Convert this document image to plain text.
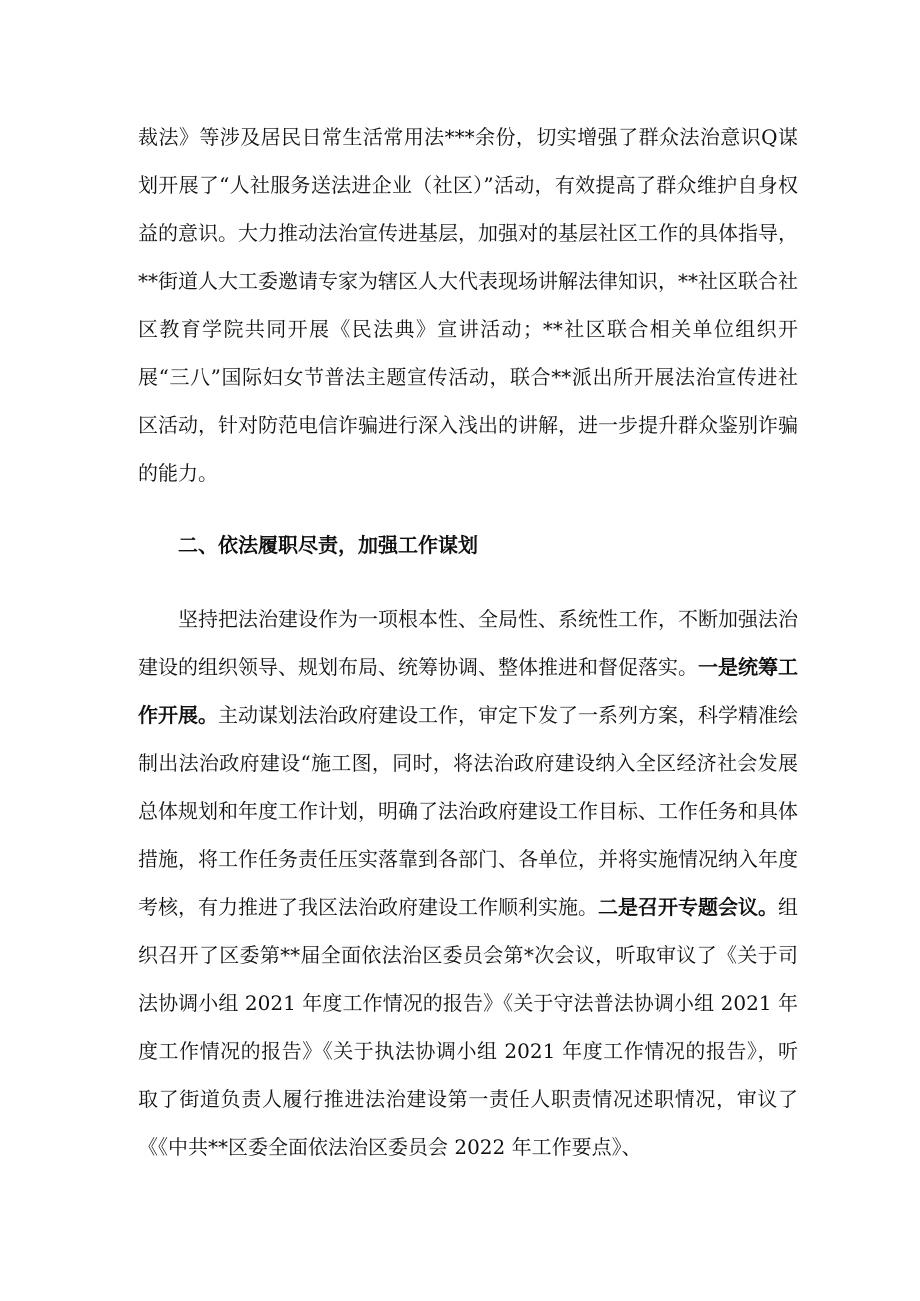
裁法》等涉及居民日常生活常用法***余份，切实增强了群众法治意识Q谋划开展了“人社服务送法进企业（社区）”活动，有效提高了群众维护自身权益的意识。大力推动法治宣传进基层，加强对的基层社区工作的具体指导，**街道人大工委邀请专家为辖区人大代表现场讲解法律知识，**社区联合社区教育学院共同开展《民法典》宣讲活动；**社区联合相关单位组织开展“三八”国际妇女节普法主题宣传活动，联合**派出所开展法治宣传进社区活动，针对防范电信诈骗进行深入浅出的讲解，进一步提升群众鉴别诈骗的能力。

二、依法履职尽责，加强工作谋划

坚持把法治建设作为一项根本性、全局性、系统性工作，不断加强法治建设的组织领导、规划布局、统筹协调、整体推进和督促落实。一是统筹工作开展。主动谋划法治政府建设工作，审定下发了一系列方案，科学精准绘制出法治政府建设“施工图，同时，将法治政府建设纳入全区经济社会发展总体规划和年度工作计划，明确了法治政府建设工作目标、工作任务和具体措施，将工作任务责任压实落靠到各部门、各单位，并将实施情况纳入年度考核，有力推进了我区法治政府建设工作顺利实施。二是召开专题会议。组织召开了区委第**届全面依法治区委员会第*次会议，听取审议了《关于司法协调小组 2021 年度工作情况的报告》《关于守法普法协调小组 2021 年度工作情况的报告》《关于执法协调小组 2021 年度工作情况的报告》，听取了街道负责人履行推进法治建设第一责任人职责情况述职情况，审议了《《中共**区委全面依法治区委员会 2022 年工作要点》、
